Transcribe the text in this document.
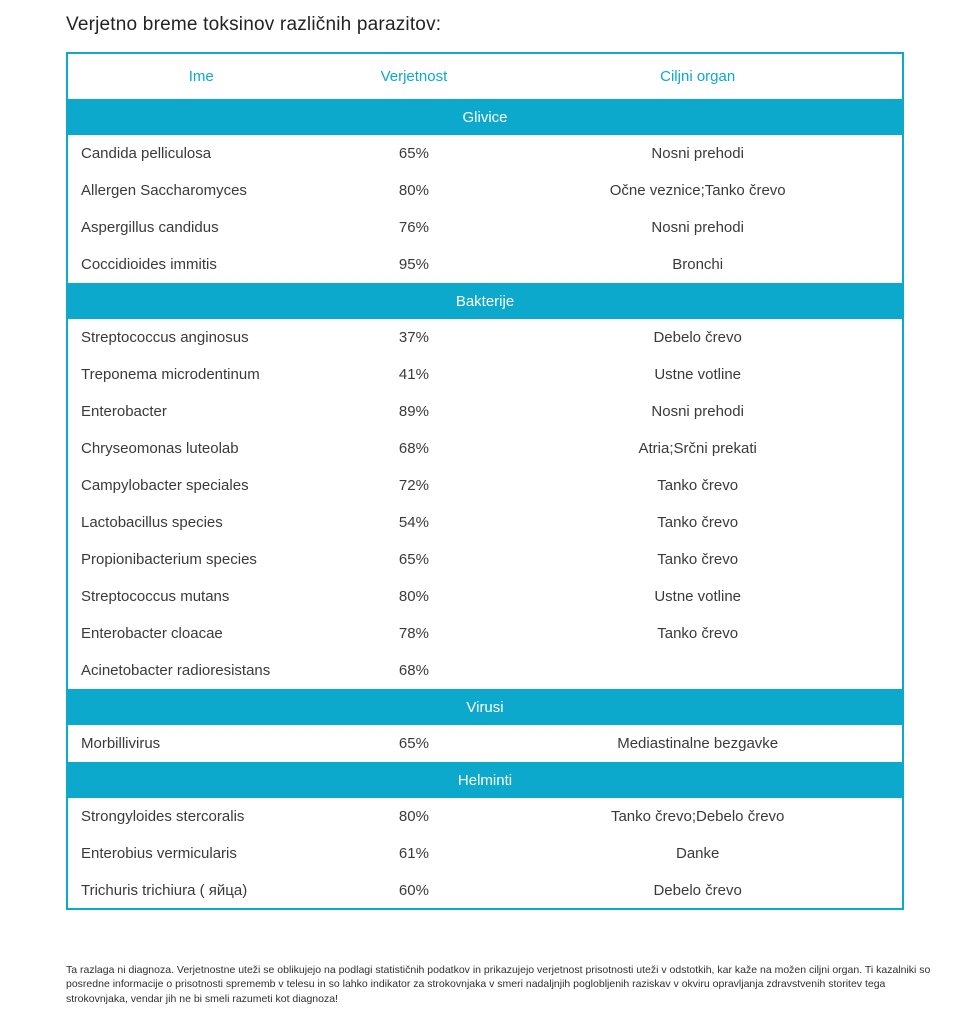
Verjetno breme toksinov različnih parazitov:
Ime	Verjetnost	Ciljni organ
Glivice		
Candida pelliculosa	65%	Nosni prehodi
Allergen Saccharomyces	80%	Očne veznice;Tanko črevo
Aspergillus candidus	76%	Nosni prehodi
Coccidioides immitis	95%	Bronchi
Bakterije		
Streptococcus anginosus	37%	Debelo črevo
Treponema microdentinum	41%	Ustne votline
Enterobacter	89%	Nosni prehodi
Chryseomonas luteolab	68%	Atria;Srčni prekati
Campylobacter speciales	72%	Tanko črevo
Lactobacillus species	54%	Tanko črevo
Propionibacterium species	65%	Tanko črevo
Streptococcus mutans	80%	Ustne votline
Enterobacter cloacae	78%	Tanko črevo
Acinetobacter radioresistans	68%	
Virusi		
Morbillivirus	65%	Mediastinalne bezgavke
Helminti		
Strongyloides stercoralis	80%	Tanko črevo;Debelo črevo
Enterobius vermicularis	61%	Danke
Trichuris trichiura ( яйца)	60%	Debelo črevo

Ta razlaga ni diagnoza. Verjetnostne uteži se oblikujejo na podlagi statističnih podatkov in prikazujejo verjetnost prisotnosti uteži v odstotkih, kar kaže na možen ciljni organ. Ti kazalniki so posredne informacije o prisotnosti sprememb v telesu in so lahko indikator za strokovnjaka v smeri nadaljnjih poglobljenih raziskav v okviru opravljanja zdravstvenih storitev tega strokovnjaka, vendar jih ne bi smeli razumeti kot diagnoza!
